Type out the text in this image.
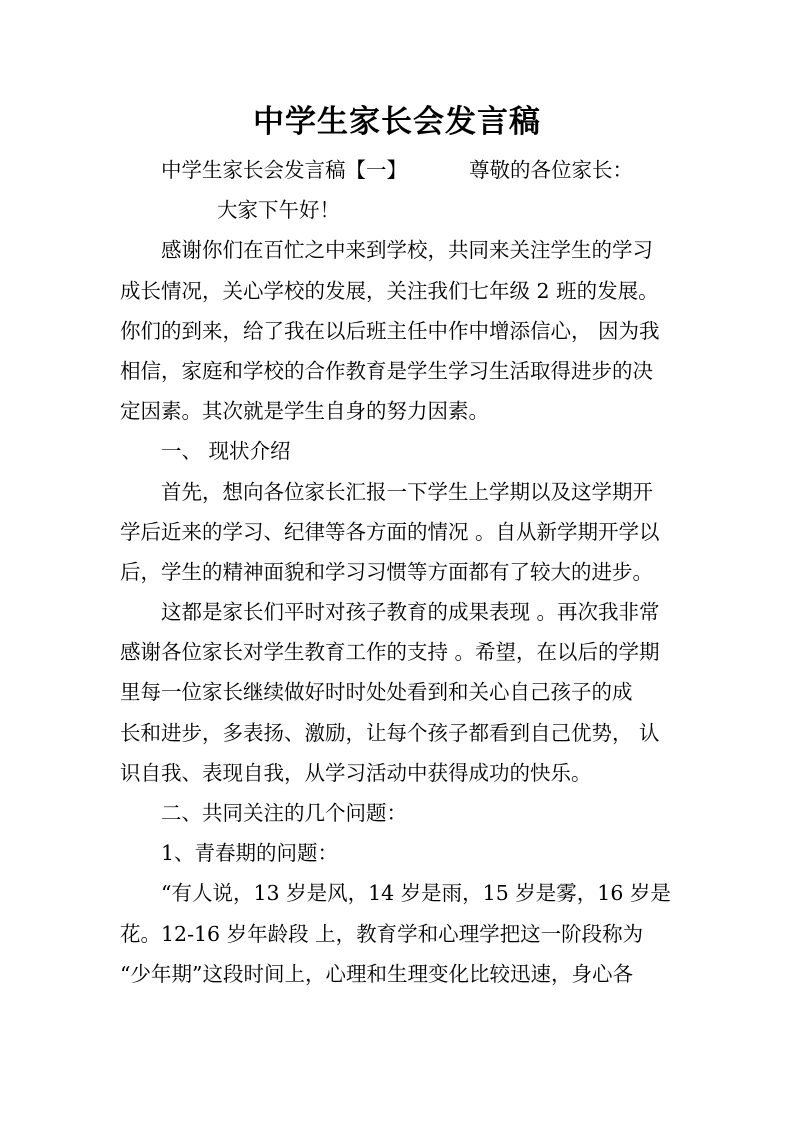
中学生家长会发言稿
中学生家长会发言稿【一】	尊敬的各位家长：
大家下午好！
感谢你们在百忙之中来到学校，共同来关注学生的学习
成长情况，关心学校的发展，关注我们七年级 2 班的发展。
你们的到来，给了我在以后班主任中作中增添信心， 因为我
相信，家庭和学校的合作教育是学生学习生活取得进步的决
定因素。其次就是学生自身的努力因素。
一、 现状介绍
首先，想向各位家长汇报一下学生上学期以及这学期开
学后近来的学习、纪律等各方面的情况 。自从新学期开学以
后，学生的精神面貌和学习习惯等方面都有了较大的进步。
这都是家长们平时对孩子教育的成果表现 。再次我非常
感谢各位家长对学生教育工作的支持 。希望，在以后的学期
里每一位家长继续做好时时处处看到和关心自己孩子的成
长和进步，多表扬、激励，让每个孩子都看到自己优势， 认
识自我、表现自我，从学习活动中获得成功的快乐。
二、共同关注的几个问题：
1、青春期的问题：
“有人说，13 岁是风，14 岁是雨，15 岁是雾，16 岁是
花。12-16 岁年龄段 上，教育学和心理学把这一阶段称为
“少年期”这段时间上，心理和生理变化比较迅速，身心各
